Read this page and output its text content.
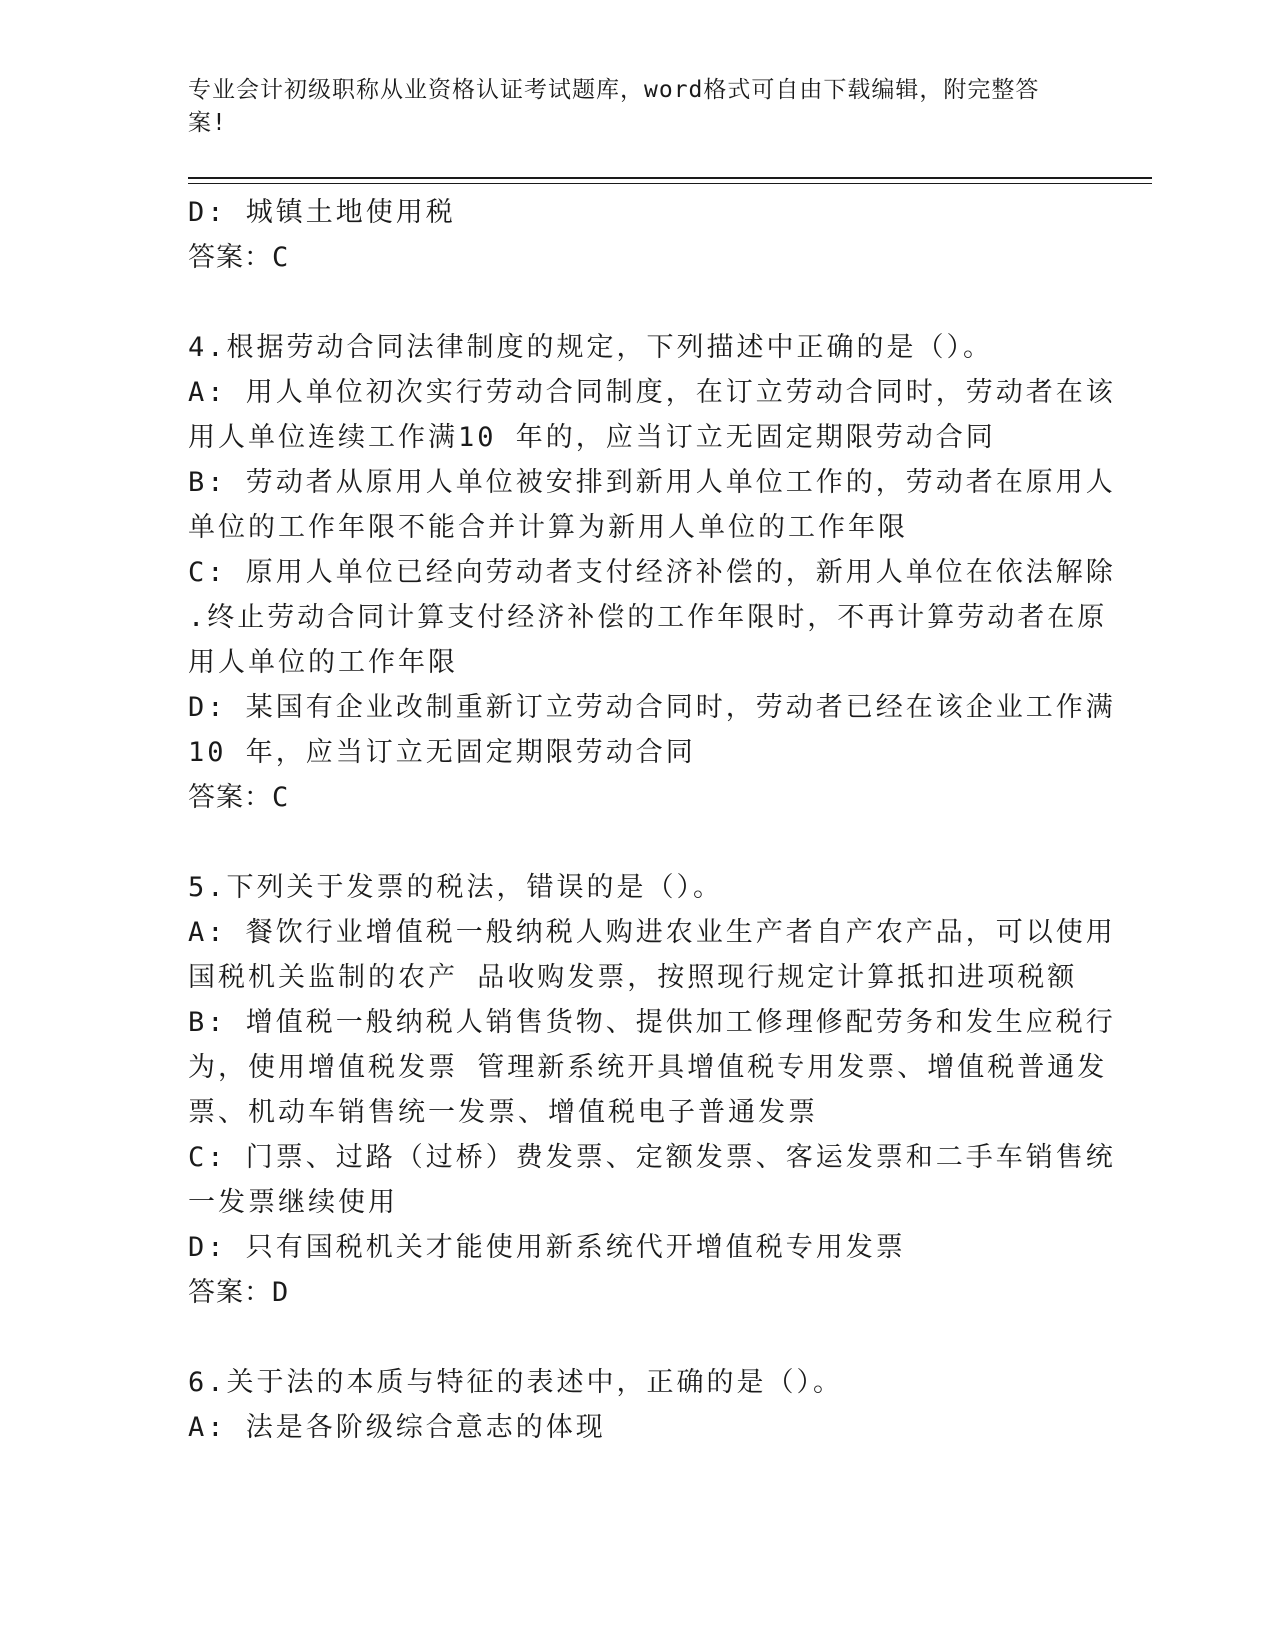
专业会计初级职称从业资格认证考试题库，word格式可自由下载编辑，附完整答
案!
D: 城镇土地使用税
答案：C
4.根据劳动合同法律制度的规定，下列描述中正确的是（）。
A: 用人单位初次实行劳动合同制度，在订立劳动合同时，劳动者在该
用人单位连续工作满10 年的，应当订立无固定期限劳动合同
B: 劳动者从原用人单位被安排到新用人单位工作的，劳动者在原用人
单位的工作年限不能合并计算为新用人单位的工作年限
C: 原用人单位已经向劳动者支付经济补偿的，新用人单位在依法解除
.终止劳动合同计算支付经济补偿的工作年限时，不再计算劳动者在原
用人单位的工作年限
D: 某国有企业改制重新订立劳动合同时，劳动者已经在该企业工作满
10 年，应当订立无固定期限劳动合同
答案：C
5.下列关于发票的税法，错误的是（）。
A: 餐饮行业增值税一般纳税人购进农业生产者自产农产品，可以使用
国税机关监制的农产 品收购发票，按照现行规定计算抵扣进项税额
B: 增值税一般纳税人销售货物、提供加工修理修配劳务和发生应税行
为，使用增值税发票 管理新系统开具增值税专用发票、增值税普通发
票、机动车销售统一发票、增值税电子普通发票
C: 门票、过路（过桥）费发票、定额发票、客运发票和二手车销售统
一发票继续使用
D: 只有国税机关才能使用新系统代开增值税专用发票
答案：D
6.关于法的本质与特征的表述中，正确的是（）。
A: 法是各阶级综合意志的体现
